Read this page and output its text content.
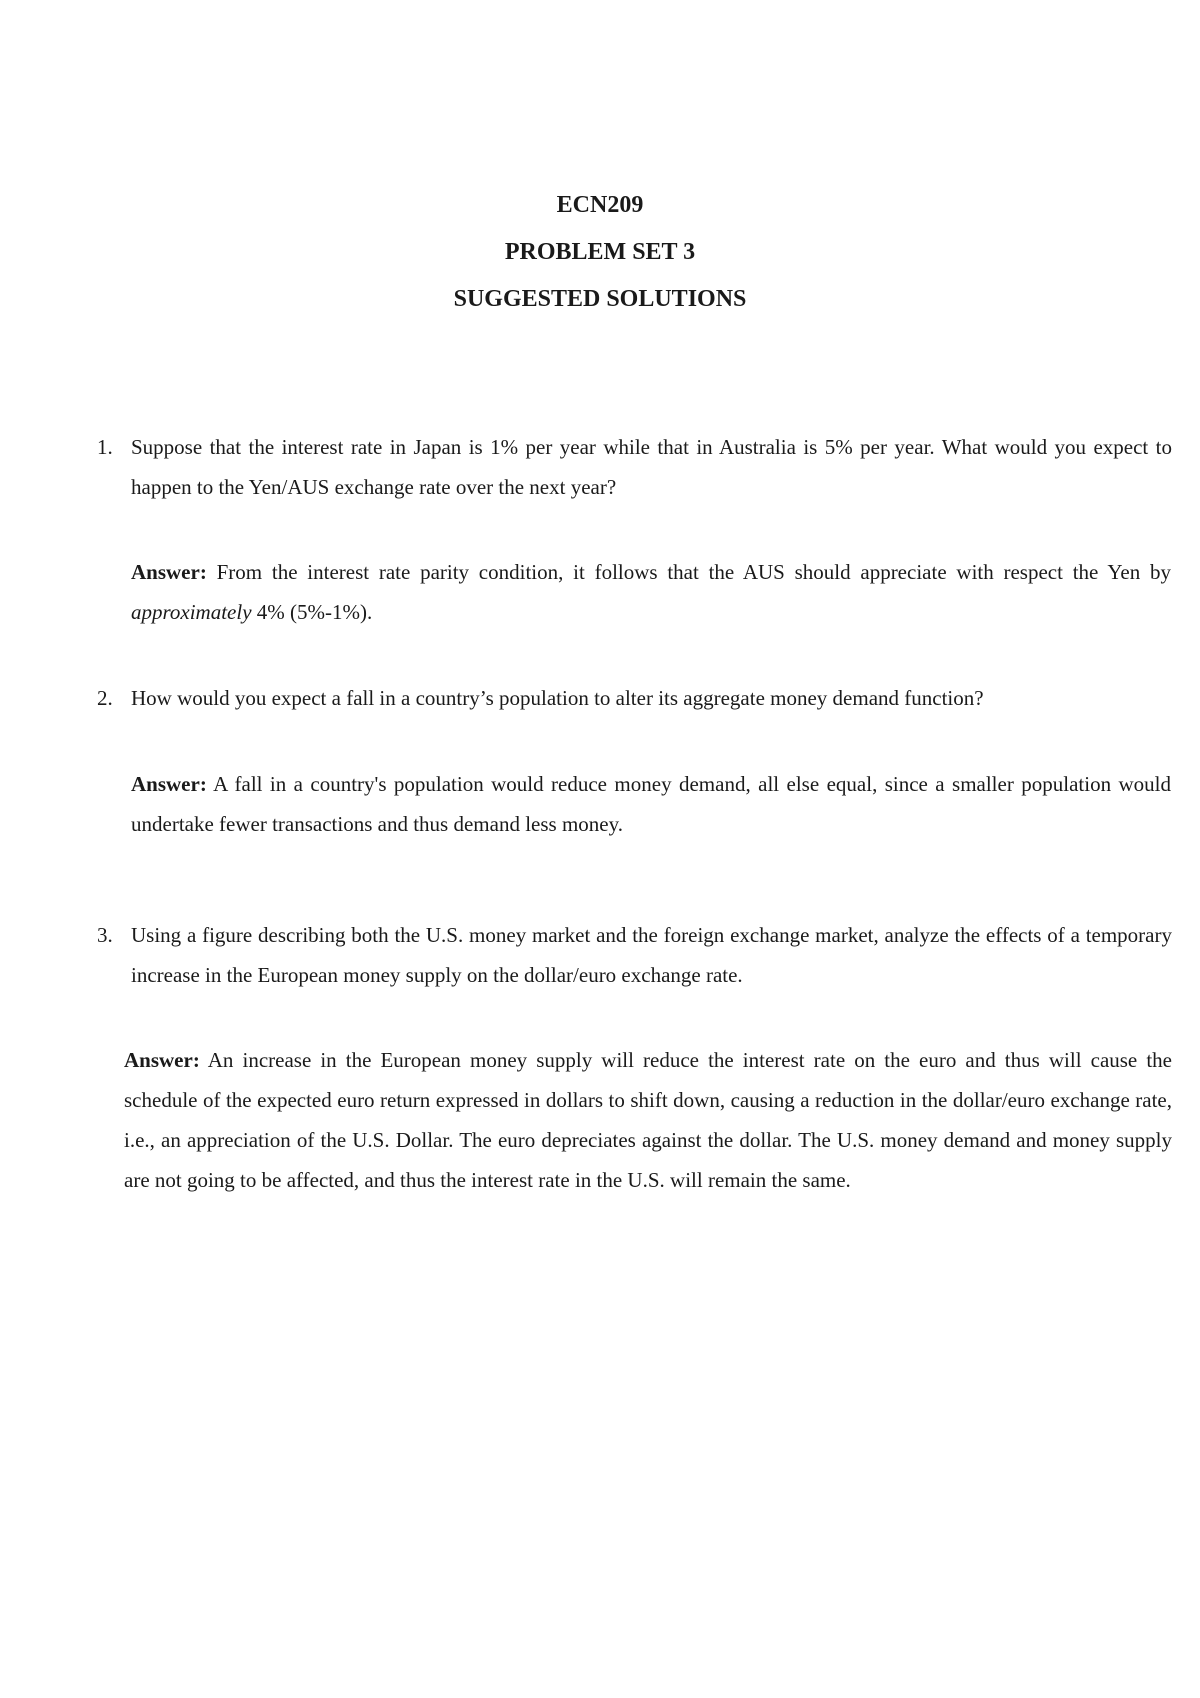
ECN209
PROBLEM SET 3
SUGGESTED SOLUTIONS
1. Suppose that the interest rate in Japan is 1% per year while that in Australia is 5% per year. What would you expect to happen to the Yen/AUS exchange rate over the next year?
Answer: From the interest rate parity condition, it follows that the AUS should appreciate with respect the Yen by approximately 4% (5%-1%).
2. How would you expect a fall in a country’s population to alter its aggregate money demand function?
Answer: A fall in a country's population would reduce money demand, all else equal, since a smaller population would undertake fewer transactions and thus demand less money.
3. Using a figure describing both the U.S. money market and the foreign exchange market, analyze the effects of a temporary increase in the European money supply on the dollar/euro exchange rate.
Answer: An increase in the European money supply will reduce the interest rate on the euro and thus will cause the schedule of the expected euro return expressed in dollars to shift down, causing a reduction in the dollar/euro exchange rate, i.e., an appreciation of the U.S. Dollar. The euro depreciates against the dollar. The U.S. money demand and money supply are not going to be affected, and thus the interest rate in the U.S. will remain the same.
